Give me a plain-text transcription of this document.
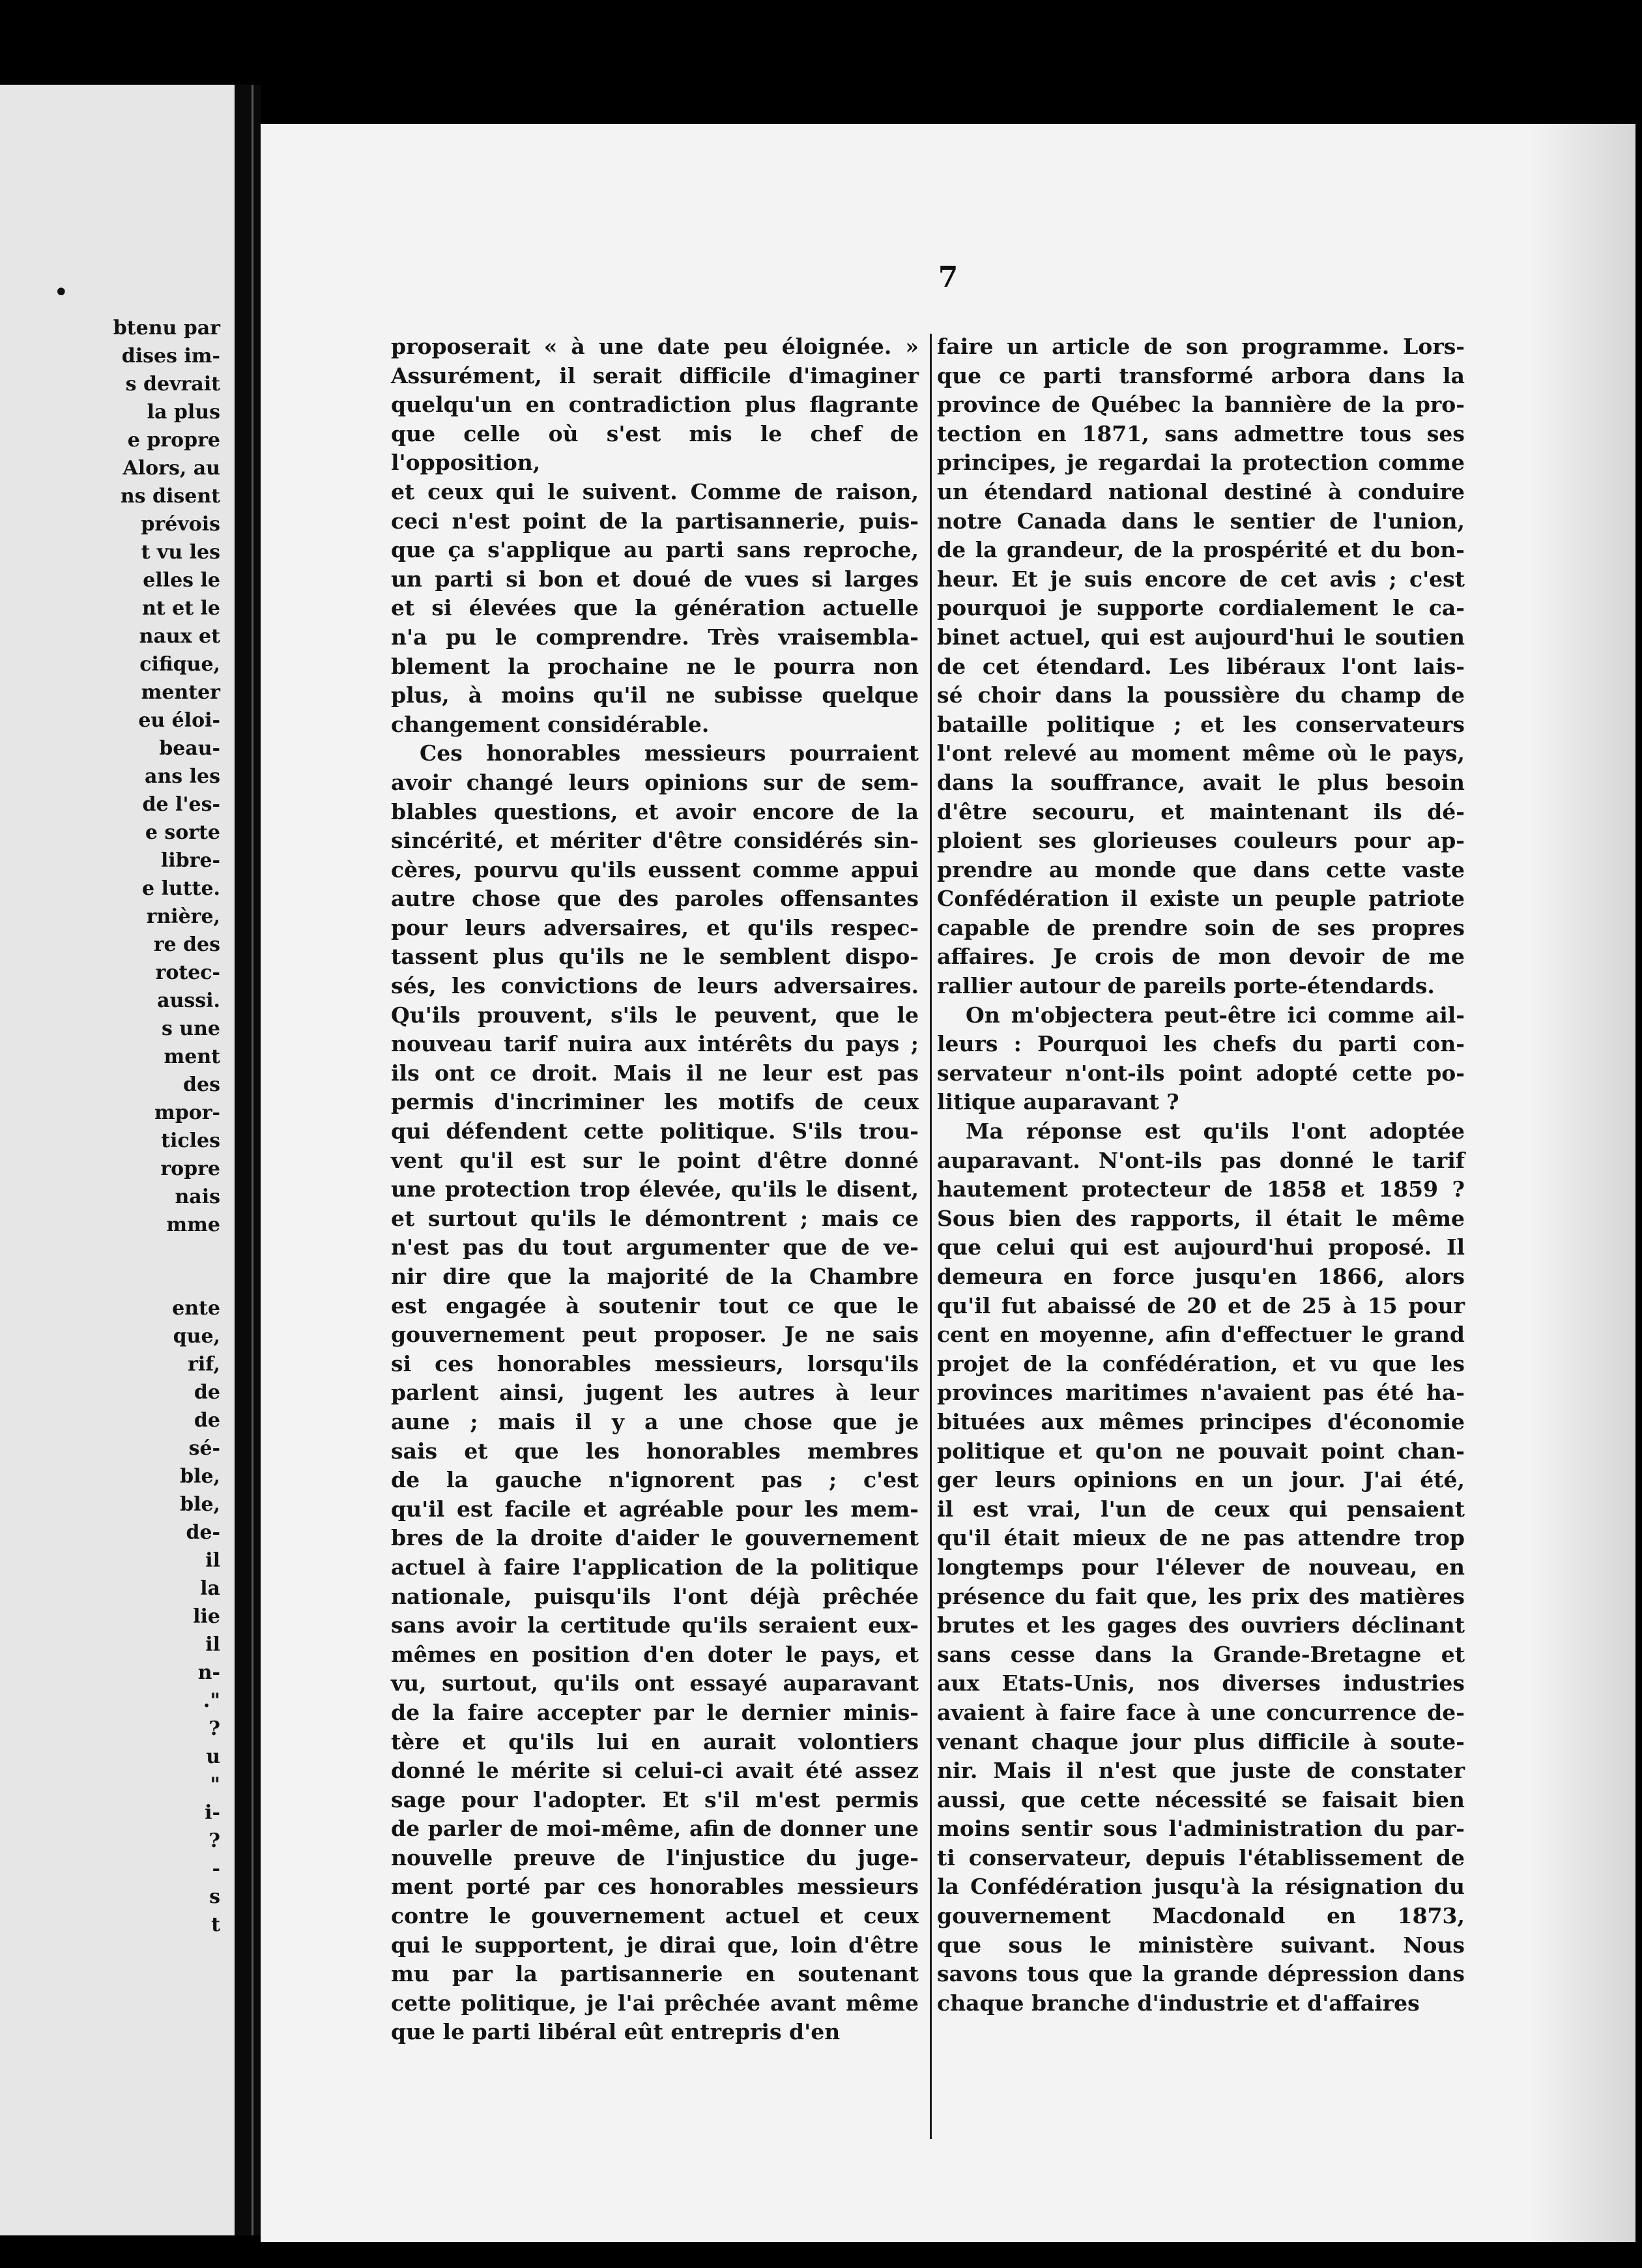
•
btenu par
dises im-
s devrait
la plus
e propre
Alors, au
ns disent
prévois
t vu les
elles le
nt et le
naux et
cifique,
menter
eu éloi-
beau-
ans les
de l'es-
e sorte
libre-
e lutte.
rnière,
re des
rotec-
aussi.
s une
ment
des
mpor-
ticles
ropre
nais
mme
ente
que,
rif,
de
de
sé-
ble,
ble,
de-
il
la
lie
il
n-
."
?
u
"
i-
?
-
s
t
7

proposerait « à une date peu éloignée. »

Assurément, il serait difficile d'imaginer

quelqu'un en contradiction plus flagrante

que celle où s'est mis le chef de l'opposition,

et ceux qui le suivent. Comme de raison,

ceci n'est point de la partisannerie, puis-

que ça s'applique au parti sans reproche,

un parti si bon et doué de vues si larges

et si élevées que la génération actuelle

n'a pu le comprendre. Très vraisembla-

blement la prochaine ne le pourra non

plus, à moins qu'il ne subisse quelque

changement considérable.

Ces honorables messieurs pourraient

avoir changé leurs opinions sur de sem-

blables questions, et avoir encore de la

sincérité, et mériter d'être considérés sin-

cères, pourvu qu'ils eussent comme appui

autre chose que des paroles offensantes

pour leurs adversaires, et qu'ils respec-

tassent plus qu'ils ne le semblent dispo-

sés, les convictions de leurs adversaires.

Qu'ils prouvent, s'ils le peuvent, que le

nouveau tarif nuira aux intérêts du pays ;

ils ont ce droit. Mais il ne leur est pas

permis d'incriminer les motifs de ceux

qui défendent cette politique. S'ils trou-

vent qu'il est sur le point d'être donné

une protection trop élevée, qu'ils le disent,

et surtout qu'ils le démontrent ; mais ce

n'est pas du tout argumenter que de ve-

nir dire que la majorité de la Chambre

est engagée à soutenir tout ce que le

gouvernement peut proposer. Je ne sais

si ces honorables messieurs, lorsqu'ils

parlent ainsi, jugent les autres à leur

aune ; mais il y a une chose que je

sais et que les honorables membres

de la gauche n'ignorent pas ; c'est

qu'il est facile et agréable pour les mem-

bres de la droite d'aider le gouvernement

actuel à faire l'application de la politique

nationale, puisqu'ils l'ont déjà prêchée

sans avoir la certitude qu'ils seraient eux-

mêmes en position d'en doter le pays, et

vu, surtout, qu'ils ont essayé auparavant

de la faire accepter par le dernier minis-

tère et qu'ils lui en aurait volontiers

donné le mérite si celui-ci avait été assez

sage pour l'adopter. Et s'il m'est permis

de parler de moi-même, afin de donner une

nouvelle preuve de l'injustice du juge-

ment porté par ces honorables messieurs

contre le gouvernement actuel et ceux

qui le supportent, je dirai que, loin d'être

mu par la partisannerie en soutenant

cette politique, je l'ai prêchée avant même

que le parti libéral eût entrepris d'en

faire un article de son programme. Lors-

que ce parti transformé arbora dans la

province de Québec la bannière de la pro-

tection en 1871, sans admettre tous ses

principes, je regardai la protection comme

un étendard national destiné à conduire

notre Canada dans le sentier de l'union,

de la grandeur, de la prospérité et du bon-

heur. Et je suis encore de cet avis ; c'est

pourquoi je supporte cordialement le ca-

binet actuel, qui est aujourd'hui le soutien

de cet étendard. Les libéraux l'ont lais-

sé choir dans la poussière du champ de

bataille politique ; et les conservateurs

l'ont relevé au moment même où le pays,

dans la souffrance, avait le plus besoin

d'être secouru, et maintenant ils dé-

ploient ses glorieuses couleurs pour ap-

prendre au monde que dans cette vaste

Confédération il existe un peuple patriote

capable de prendre soin de ses propres

affaires. Je crois de mon devoir de me

rallier autour de pareils porte-étendards.

On m'objectera peut-être ici comme ail-

leurs : Pourquoi les chefs du parti con-

servateur n'ont-ils point adopté cette po-

litique auparavant ?

Ma réponse est qu'ils l'ont adoptée

auparavant. N'ont-ils pas donné le tarif

hautement protecteur de 1858 et 1859 ?

Sous bien des rapports, il était le même

que celui qui est aujourd'hui proposé. Il

demeura en force jusqu'en 1866, alors

qu'il fut abaissé de 20 et de 25 à 15 pour

cent en moyenne, afin d'effectuer le grand

projet de la confédération, et vu que les

provinces maritimes n'avaient pas été ha-

bituées aux mêmes principes d'économie

politique et qu'on ne pouvait point chan-

ger leurs opinions en un jour. J'ai été,

il est vrai, l'un de ceux qui pensaient

qu'il était mieux de ne pas attendre trop

longtemps pour l'élever de nouveau, en

présence du fait que, les prix des matières

brutes et les gages des ouvriers déclinant

sans cesse dans la Grande-Bretagne et

aux Etats-Unis, nos diverses industries

avaient à faire face à une concurrence de-

venant chaque jour plus difficile à soute-

nir. Mais il n'est que juste de constater

aussi, que cette nécessité se faisait bien

moins sentir sous l'administration du par-

ti conservateur, depuis l'établissement de

la Confédération jusqu'à la résignation du

gouvernement Macdonald en 1873,

que sous le ministère suivant. Nous

savons tous que la grande dépression dans

chaque branche d'industrie et d'affaires
